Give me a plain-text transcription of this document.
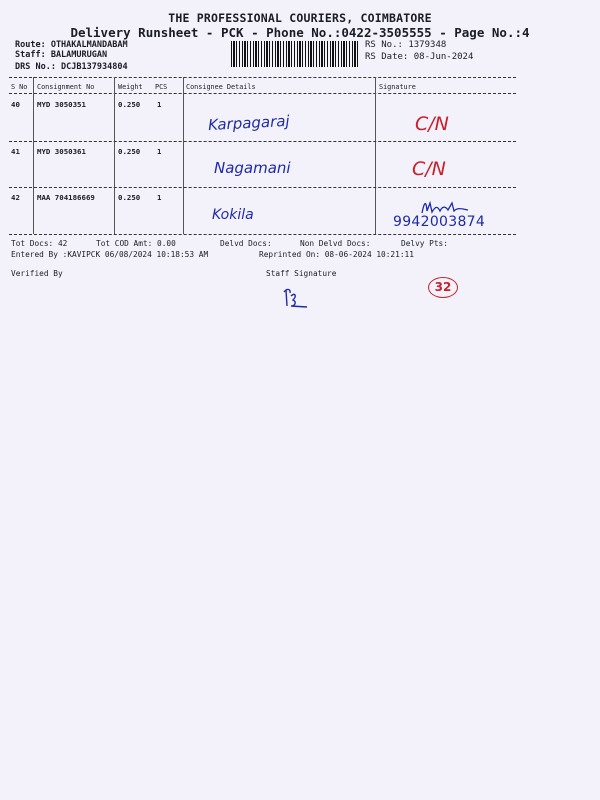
THE PROFESSIONAL COURIERS, COIMBATORE
Delivery Runsheet - PCK - Phone No.:0422-3505555 - Page No.:4
Route: OTHAKALMANDABAM
Staff: BALAMURUGAN
DRS No.: DCJB137934804
RS No.: 1379348
RS Date: 08-Jun-2024
S No Consignment No	Weight PCS	Consignee Details	Signature
40 MYD 3050351	0.250 1
Karpagaraj	C/N
41 MYD 3050361	0.250 1
Nagamani	C/N
42 MAA 704186669	0.250 1
Kokila	9942003874
Tot Docs: 42	Tot COD Amt: 0.00	Delvd Docs:	Non Delvd Docs:	Delvy Pts:
Entered By :KAVIPCK 06/08/2024 10:18:53 AM	Reprinted On: 08-06-2024 10:21:11
Verified By	Staff Signature
32
